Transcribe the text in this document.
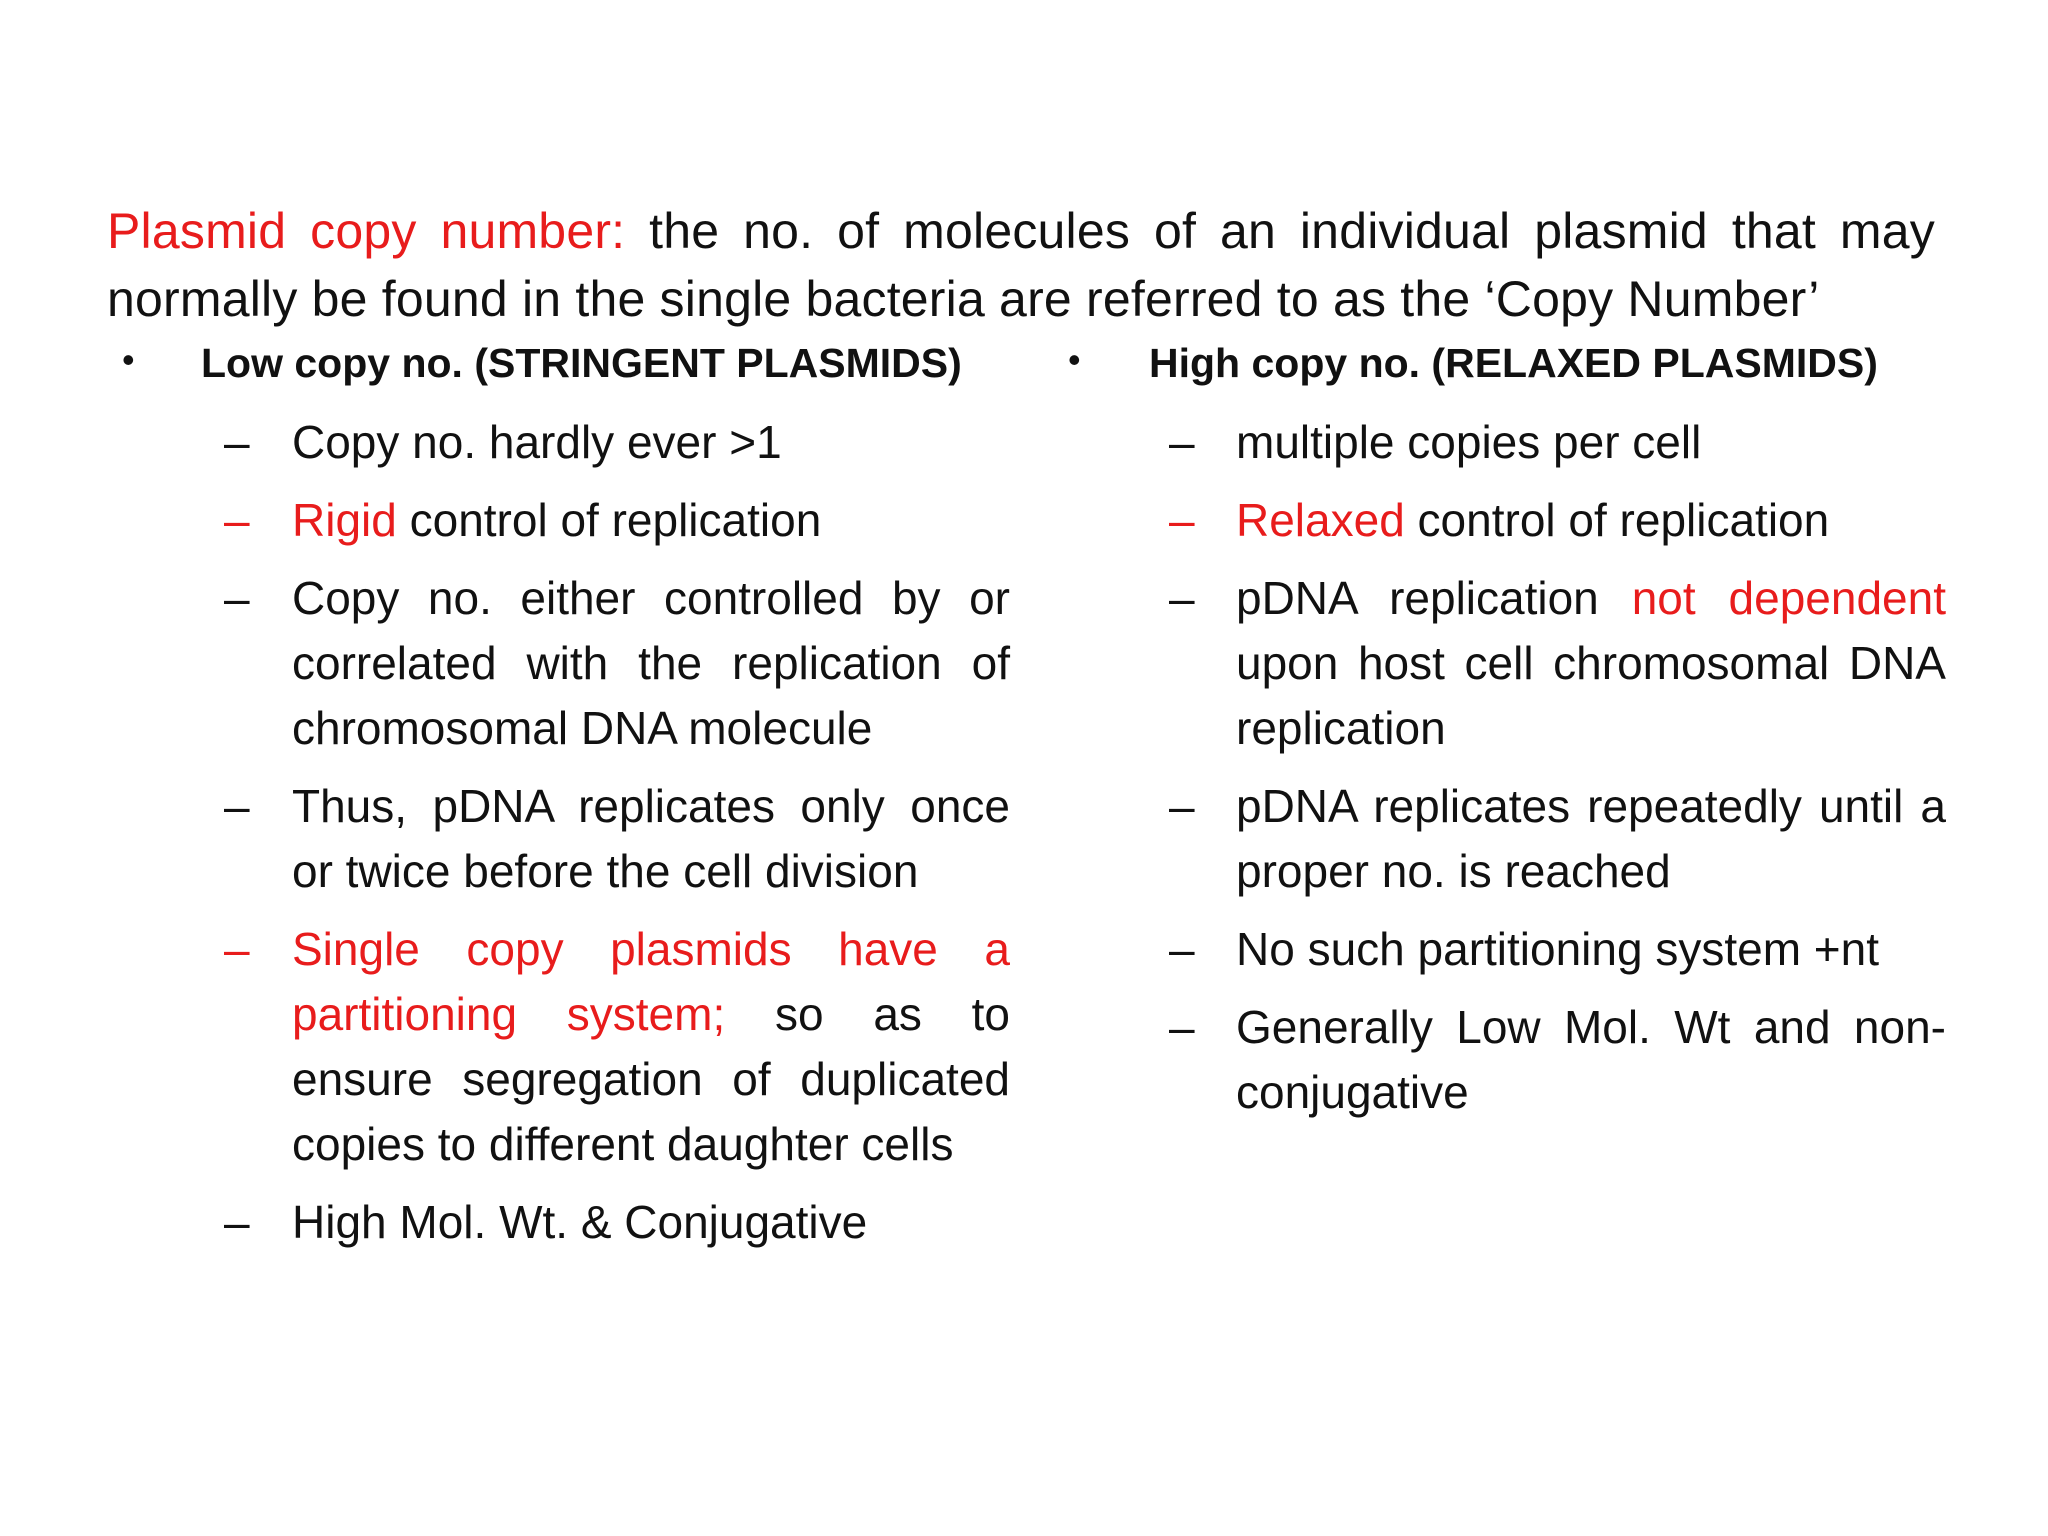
Plasmid copy number: the no. of molecules of an individual plasmid that may normally be found in the single bacteria are referred to as the ‘Copy Number’

• Low copy no. (STRINGENT PLASMIDS)
– Copy no. hardly ever >1
– Rigid control of replication
– Copy no. either controlled by or correlated with the replication of chromosomal DNA molecule
– Thus, pDNA replicates only once or twice before the cell division
– Single copy plasmids have a partitioning system; so as to ensure segregation of duplicated copies to different daughter cells
– High Mol. Wt. & Conjugative
• High copy no. (RELAXED PLASMIDS)
– multiple copies per cell
– Relaxed control of replication
– pDNA replication not dependent upon host cell chromosomal DNA replication
– pDNA replicates repeatedly until a proper no. is reached
– No such partitioning system +nt
– Generally Low Mol. Wt and non-conjugative
